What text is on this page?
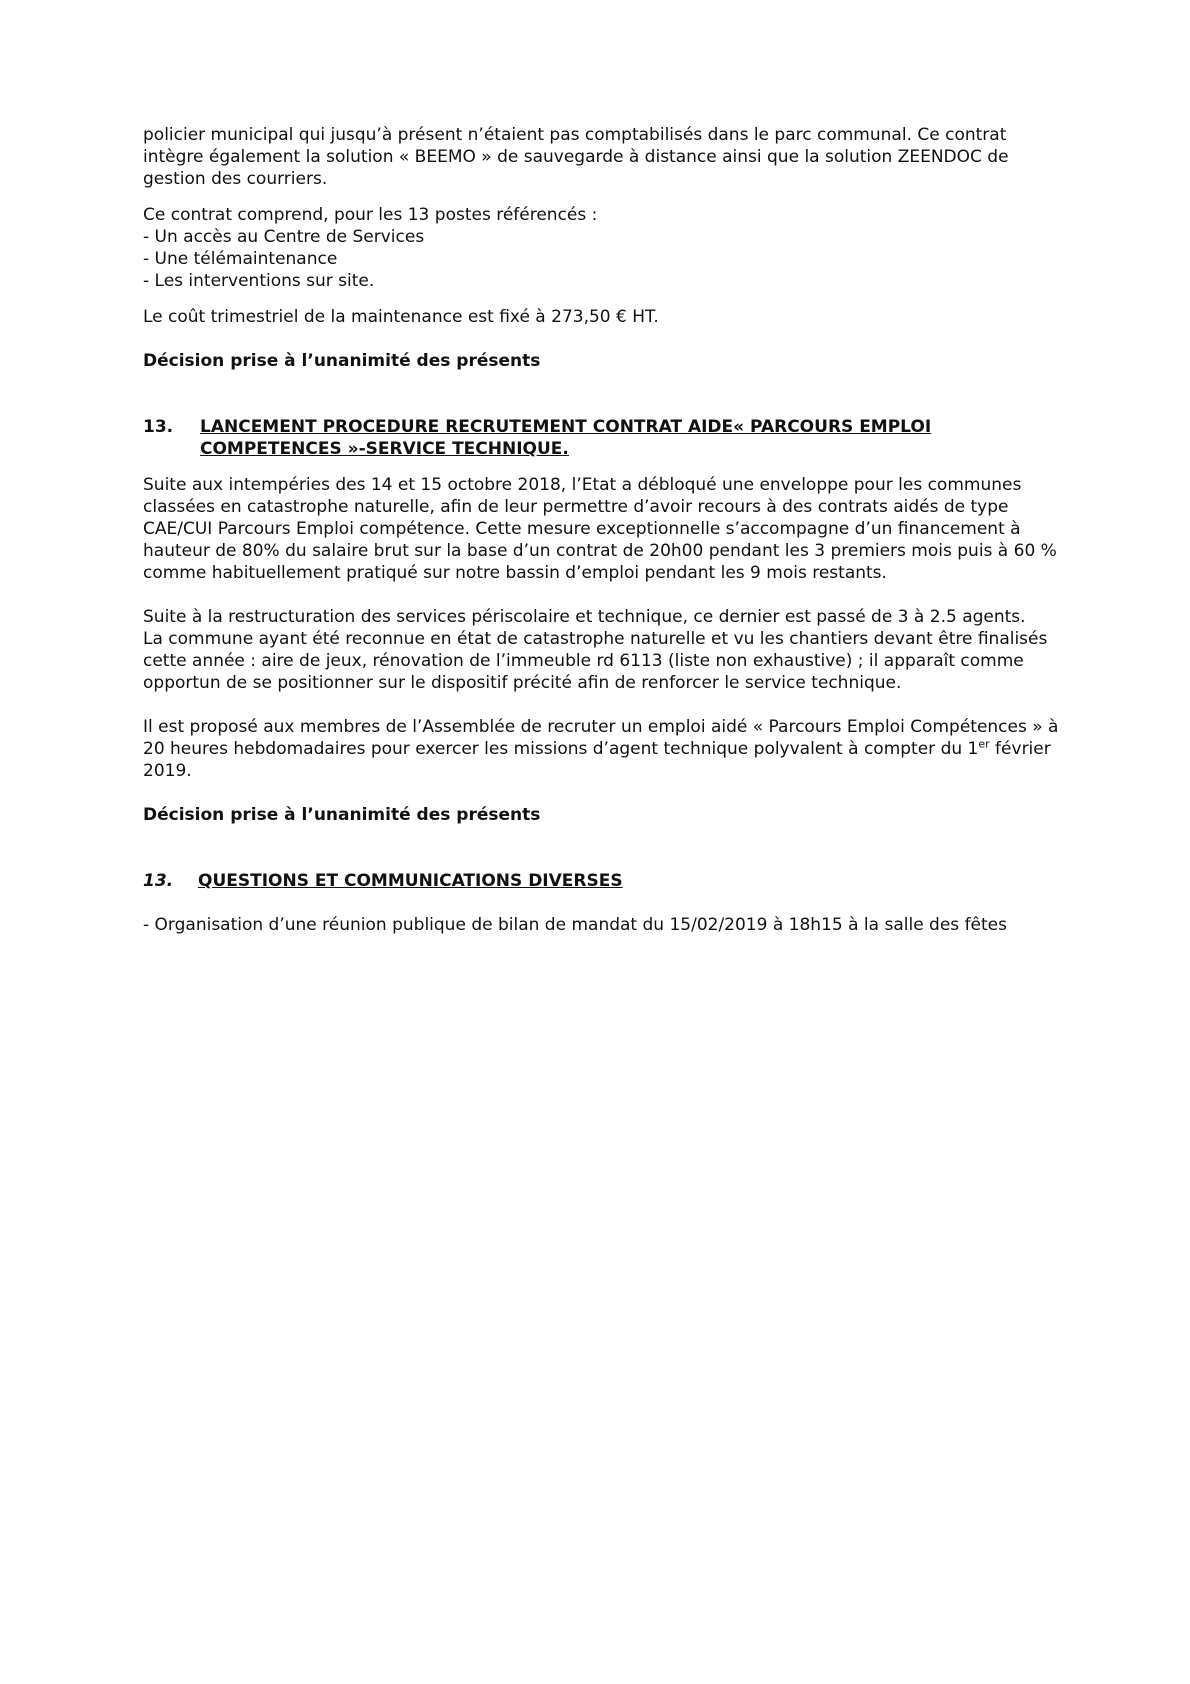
policier municipal qui jusqu’à présent n’étaient pas comptabilisés dans le parc communal. Ce contrat intègre également la solution « BEEMO » de sauvegarde à distance ainsi que la solution ZEENDOC de gestion des courriers.

Ce contrat comprend, pour les 13 postes référencés :

- Un accès au Centre de Services
- Une télémaintenance
- Les interventions sur site.

Le coût trimestriel de la maintenance est fixé à 273,50 € HT.

Décision prise à l’unanimité des présents

13.	LANCEMENT PROCEDURE RECRUTEMENT CONTRAT AIDE« PARCOURS EMPLOI
COMPETENCES »-SERVICE TECHNIQUE.

Suite aux intempéries des 14 et 15 octobre 2018, l’Etat a débloqué une enveloppe pour les communes classées en catastrophe naturelle, afin de leur permettre d’avoir recours à des contrats aidés de type CAE/CUI Parcours Emploi compétence. Cette mesure exceptionnelle s’accompagne d’un financement à hauteur de 80% du salaire brut sur la base d’un contrat de 20h00 pendant les 3 premiers mois puis à 60 % comme habituellement pratiqué sur notre bassin d’emploi pendant les 9 mois restants.

Suite à la restructuration des services périscolaire et technique, ce dernier est passé de 3 à 2.5 agents.

La commune ayant été reconnue en état de catastrophe naturelle et vu les chantiers devant être finalisés cette année : aire de jeux, rénovation de l’immeuble rd 6113 (liste non exhaustive) ; il apparaît comme opportun de se positionner sur le dispositif précité afin de renforcer le service technique.

Il est proposé aux membres de l’Assemblée de recruter un emploi aidé « Parcours Emploi Compétences » à 20 heures hebdomadaires pour exercer les missions d’agent technique polyvalent à compter du 1er février 2019.

Décision prise à l’unanimité des présents

13.	QUESTIONS ET COMMUNICATIONS DIVERSES

- Organisation d’une réunion publique de bilan de mandat du 15/02/2019 à 18h15 à la salle des fêtes
